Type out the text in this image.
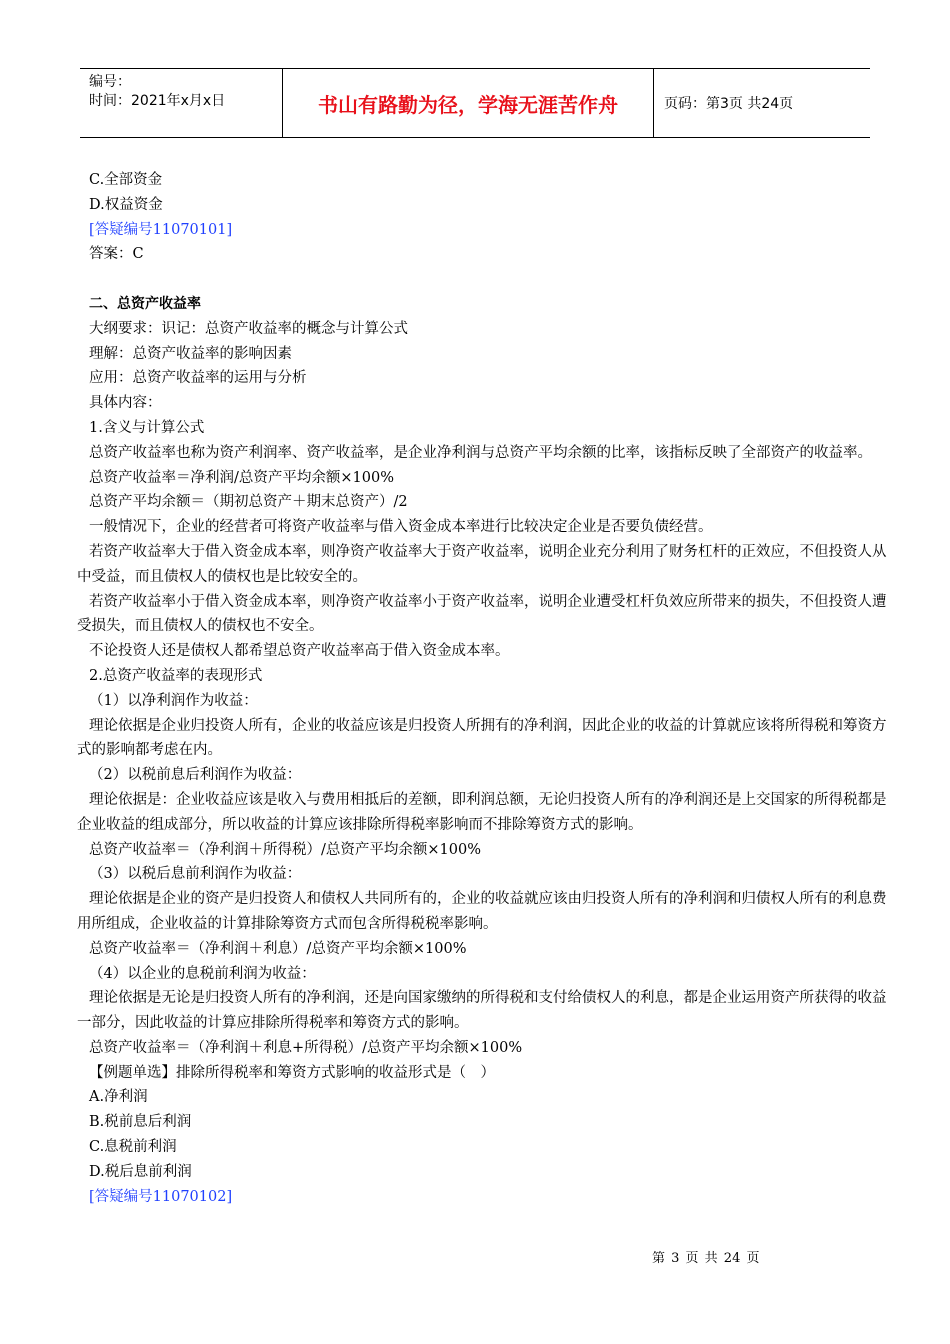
编号：
时间：2021年x月x日	书山有路勤为径，学海无涯苦作舟	页码：第3页 共24页

C.全部资金

D.权益资金

[答疑编号11070101]

答案：C

二、总资产收益率

大纲要求：识记：总资产收益率的概念与计算公式

理解：总资产收益率的影响因素

应用：总资产收益率的运用与分析

具体内容：

1.含义与计算公式

总资产收益率也称为资产利润率、资产收益率，是企业净利润与总资产平均余额的比率，该指标反映了全部资产的收益率。

总资产收益率＝净利润/总资产平均余额×100%

总资产平均余额＝（期初总资产＋期末总资产）/2

一般情况下，企业的经营者可将资产收益率与借入资金成本率进行比较决定企业是否要负债经营。

若资产收益率大于借入资金成本率，则净资产收益率大于资产收益率，说明企业充分利用了财务杠杆的正效应，不但投资人从中受益，而且债权人的债权也是比较安全的。

若资产收益率小于借入资金成本率，则净资产收益率小于资产收益率，说明企业遭受杠杆负效应所带来的损失，不但投资人遭受损失，而且债权人的债权也不安全。

不论投资人还是债权人都希望总资产收益率高于借入资金成本率。

2.总资产收益率的表现形式

（1）以净利润作为收益：

理论依据是企业归投资人所有，企业的收益应该是归投资人所拥有的净利润，因此企业的收益的计算就应该将所得税和筹资方式的影响都考虑在内。

（2）以税前息后利润作为收益：

理论依据是：企业收益应该是收入与费用相抵后的差额，即利润总额，无论归投资人所有的净利润还是上交国家的所得税都是企业收益的组成部分，所以收益的计算应该排除所得税率影响而不排除筹资方式的影响。

总资产收益率＝（净利润＋所得税）/总资产平均余额×100%

（3）以税后息前利润作为收益：

理论依据是企业的资产是归投资人和债权人共同所有的，企业的收益就应该由归投资人所有的净利润和归债权人所有的利息费用所组成，企业收益的计算排除筹资方式而包含所得税税率影响。

总资产收益率＝（净利润＋利息）/总资产平均余额×100%

（4）以企业的息税前利润为收益：

理论依据是无论是归投资人所有的净利润，还是向国家缴纳的所得税和支付给债权人的利息，都是企业运用资产所获得的收益一部分，因此收益的计算应排除所得税率和筹资方式的影响。

总资产收益率＝（净利润＋利息+所得税）/总资产平均余额×100%

【例题单选】排除所得税率和筹资方式影响的收益形式是（　）

A.净利润

B.税前息后利润

C.息税前利润

D.税后息前利润

[答疑编号11070102]

第 3 页 共 24 页
